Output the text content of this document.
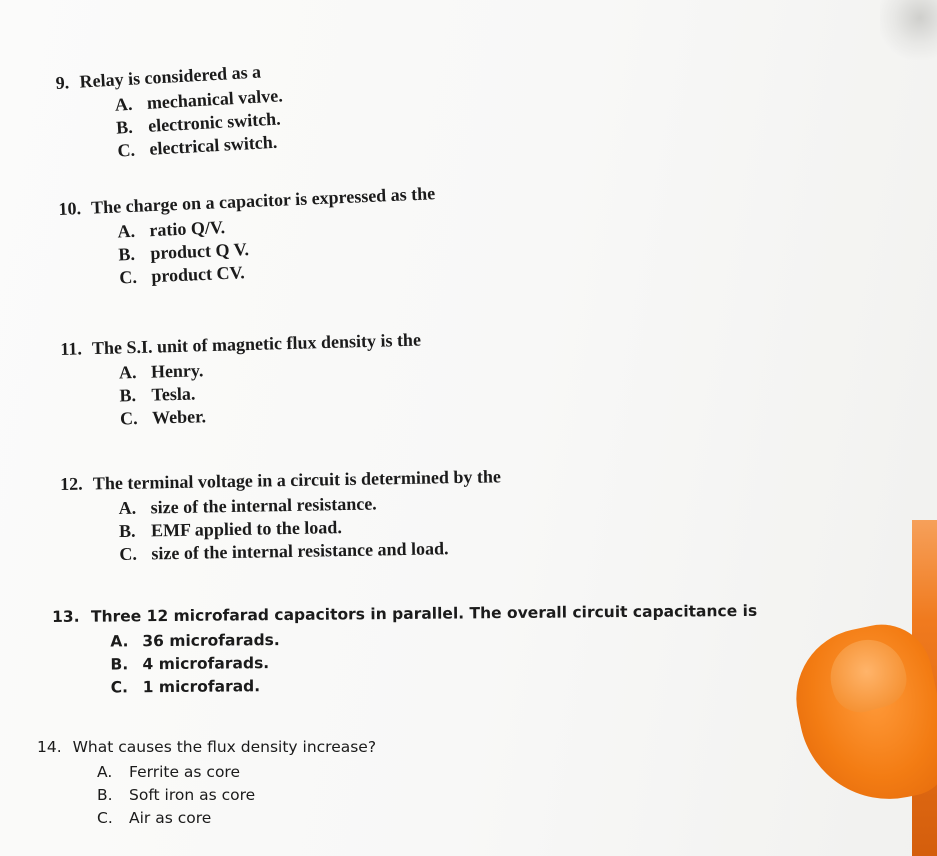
9. Relay is considered as a
A. mechanical valve.
B. electronic switch.
C. electrical switch.
10. The charge on a capacitor is expressed as the
A. ratio Q/V.
B. product Q V.
C. product CV.
11. The S.I. unit of magnetic flux density is the
A. Henry.
B. Tesla.
C. Weber.
12. The terminal voltage in a circuit is determined by the
A. size of the internal resistance.
B. EMF applied to the load.
C. size of the internal resistance and load.
13. Three 12 microfarad capacitors in parallel. The overall circuit capacitance is
A. 36 microfarads.
B. 4 microfarads.
C. 1 microfarad.
14. What causes the flux density increase?
A. Ferrite as core
B. Soft iron as core
C. Air as core
